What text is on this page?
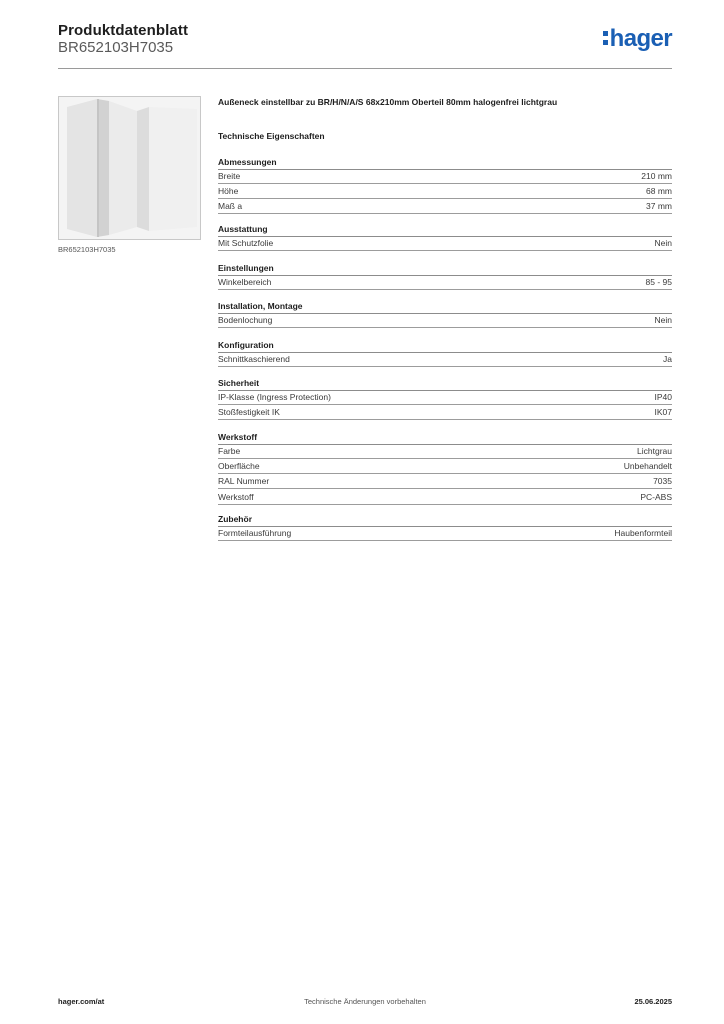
Produktdatenblatt
BR652103H7035	hager
BR652103H7035
Außeneck einstellbar zu BR/H/N/A/S 68x210mm Oberteil 80mm halogenfrei lichtgrau
Technische Eigenschaften
Abmessungen
Breite	210 mm
Höhe	68 mm
Maß a	37 mm
Ausstattung
Mit Schutzfolie	Nein
Einstellungen
Winkelbereich	85 - 95
Installation, Montage
Bodenlochung	Nein
Konfiguration
Schnittkaschierend	Ja
Sicherheit
IP-Klasse (Ingress Protection)	IP40
Stoßfestigkeit IK	IK07
Werkstoff
Farbe	Lichtgrau
Oberfläche	Unbehandelt
RAL Nummer	7035
Werkstoff	PC-ABS
Zubehör
Formteilausführung	Haubenformteil
hager.com/at	Technische Änderungen vorbehalten	25.06.2025
